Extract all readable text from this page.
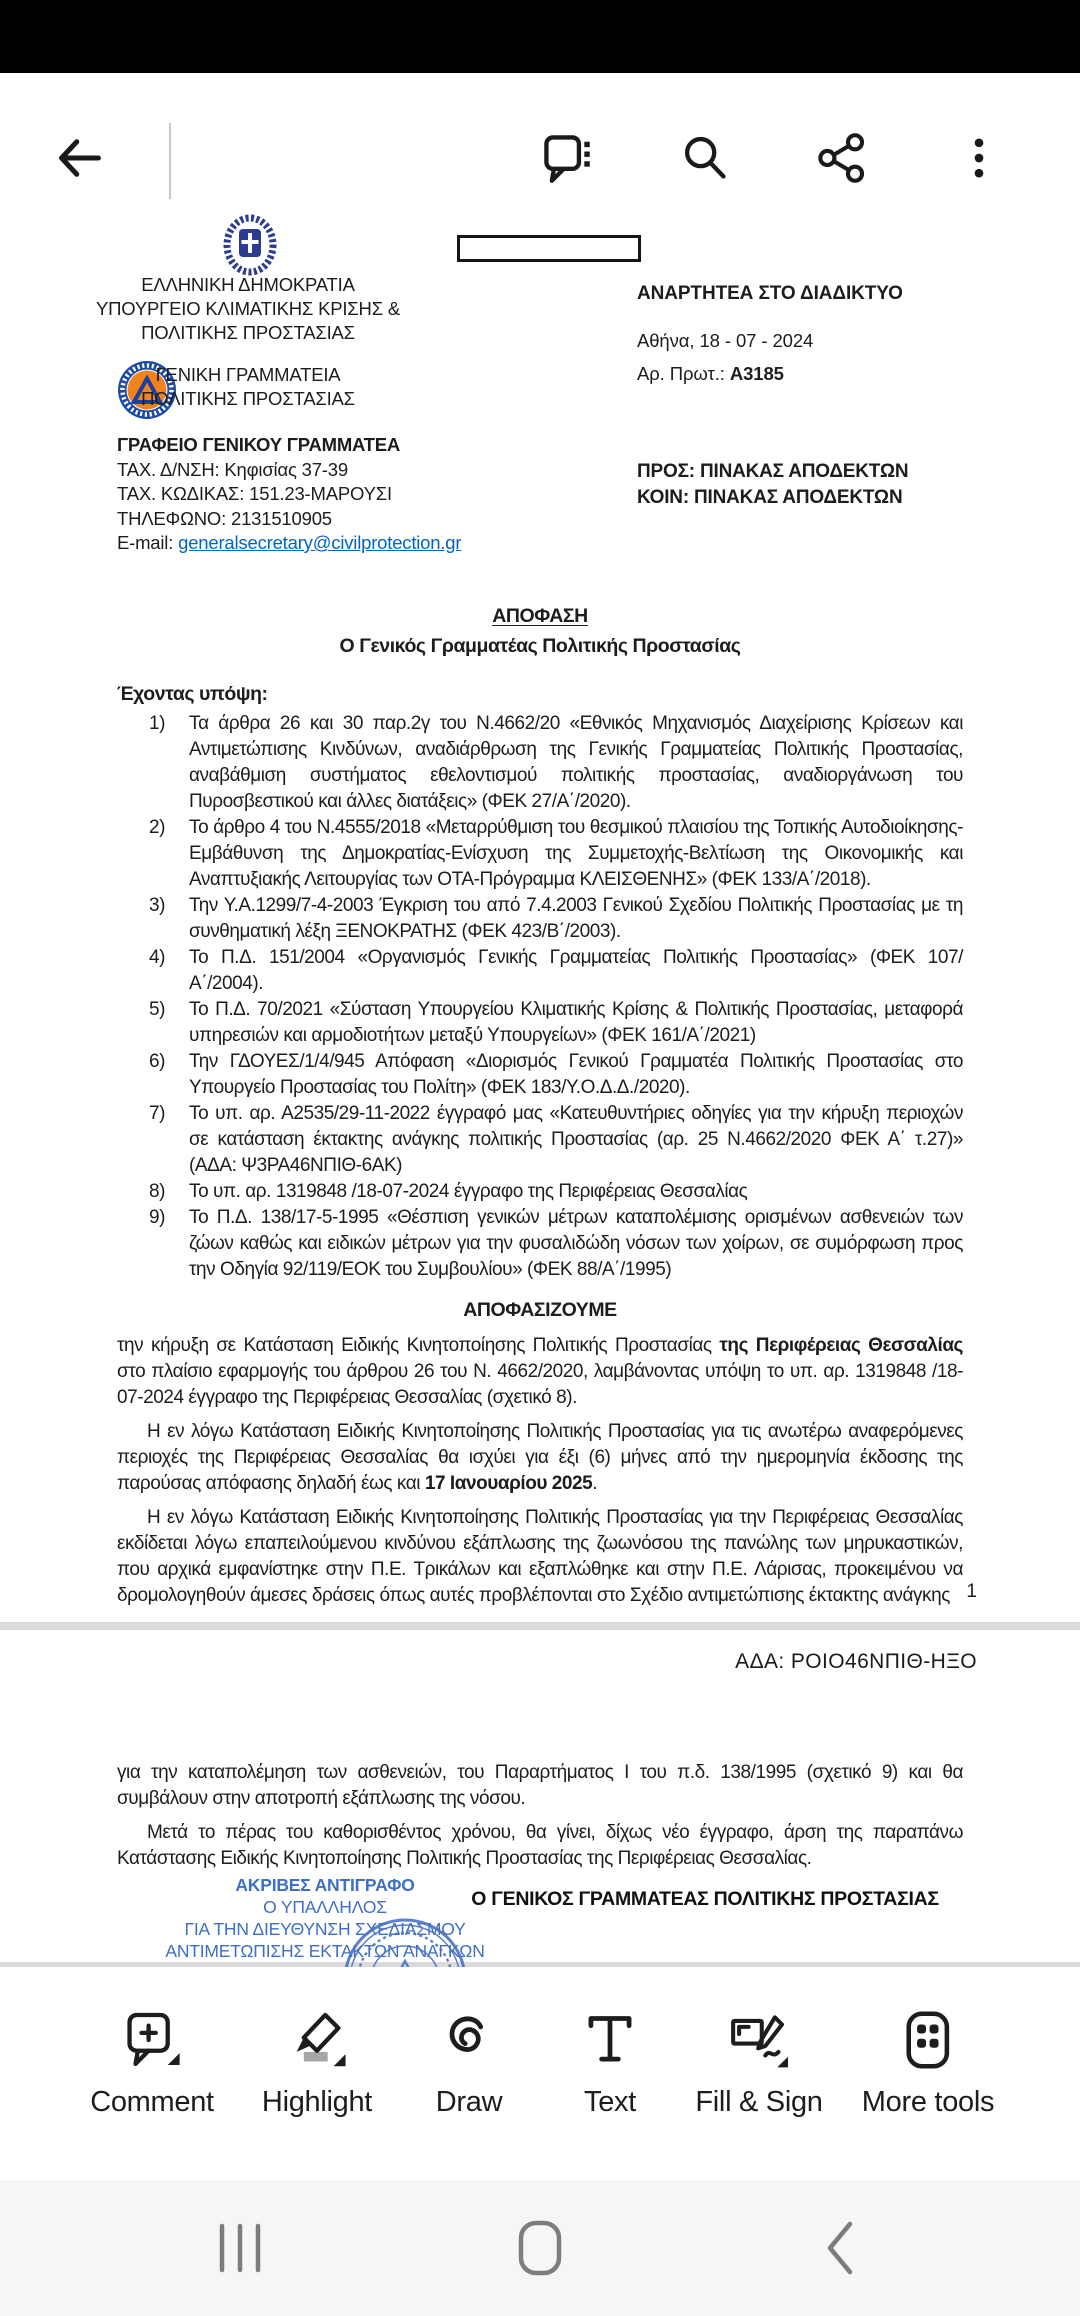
ΕΛΛΗΝΙΚΗ ΔΗΜΟΚΡΑΤΙΑ
ΥΠΟΥΡΓΕΙΟ ΚΛΙΜΑΤΙΚΗΣ ΚΡΙΣΗΣ &
ΠΟΛΙΤΙΚΗΣ ΠΡΟΣΤΑΣΙΑΣ
ΓΕΝΙΚΗ ΓΡΑΜΜΑΤΕΙΑ
ΠΟΛΙΤΙΚΗΣ ΠΡΟΣΤΑΣΙΑΣ
ΓΡΑΦΕΙΟ ΓΕΝΙΚΟΥ ΓΡΑΜΜΑΤΕΑ
ΤΑΧ. Δ/ΝΣΗ: Κηφισίας 37-39
ΤΑΧ. ΚΩΔΙΚΑΣ: 151.23-ΜΑΡΟΥΣΙ
ΤΗΛΕΦΩΝΟ: 2131510905
E-mail: generalsecretary@civilprotection.gr
ΑΝΑΡΤΗΤΕΑ ΣΤΟ ΔΙΑΔΙΚΤΥΟ
Αθήνα, 18 - 07 - 2024
Αρ. Πρωτ.: Α3185
ΠΡΟΣ: ΠΙΝΑΚΑΣ ΑΠΟΔΕΚΤΩΝ
ΚΟΙΝ: ΠΙΝΑΚΑΣ ΑΠΟΔΕΚΤΩΝ
ΑΠΟΦΑΣΗ
Ο Γενικός Γραμματέας Πολιτικής Προστασίας
Έχοντας υπόψη:
Τα άρθρα 26 και 30 παρ.2γ του Ν.4662/20 «Εθνικός Μηχανισμός Διαχείρισης Κρίσεων και Αντιμετώπισης Κινδύνων, αναδιάρθρωση της Γενικής Γραμματείας Πολιτικής Προστασίας, αναβάθμιση συστήματος εθελοντισμού πολιτικής προστασίας, αναδιοργάνωση του Πυροσβεστικού και άλλες διατάξεις» (ΦΕΚ 27/Α΄/2020).
Το άρθρο 4 του Ν.4555/2018 «Μεταρρύθμιση του θεσμικού πλαισίου της Τοπικής Αυτοδιοίκησης-Εμβάθυνση της Δημοκρατίας-Ενίσχυση της Συμμετοχής-Βελτίωση της Οικονομικής και Αναπτυξιακής Λειτουργίας των ΟΤΑ-Πρόγραμμα ΚΛΕΙΣΘΕΝΗΣ» (ΦΕΚ 133/Α΄/2018).
Την Υ.Α.1299/7-4-2003 Έγκριση του από 7.4.2003 Γενικού Σχεδίου Πολιτικής Προστασίας με τη συνθηματική λέξη ΞΕΝΟΚΡΑΤΗΣ (ΦΕΚ 423/Β΄/2003).
Το Π.Δ. 151/2004 «Οργανισμός Γενικής Γραμματείας Πολιτικής Προστασίας» (ΦΕΚ 107/Α΄/2004).
Το Π.Δ. 70/2021 «Σύσταση Υπουργείου Κλιματικής Κρίσης & Πολιτικής Προστασίας, μεταφορά υπηρεσιών και αρμοδιοτήτων μεταξύ Υπουργείων» (ΦΕΚ 161/Α΄/2021)
Την ΓΔΟΥΕΣ/1/4/945 Απόφαση «Διορισμός Γενικού Γραμματέα Πολιτικής Προστασίας στο Υπουργείο Προστασίας του Πολίτη» (ΦΕΚ 183/Υ.Ο.Δ.Δ./2020).
Το υπ. αρ. Α2535/29-11-2022 έγγραφό μας «Κατευθυντήριες οδηγίες για την κήρυξη περιοχών σε κατάσταση έκτακτης ανάγκης πολιτικής Προστασίας (αρ. 25 Ν.4662/2020 ΦΕΚ Α΄ τ.27)» (ΑΔΑ: Ψ3ΡΑ46ΝΠΙΘ-6ΑΚ)
Το υπ. αρ. 1319848 /18-07-2024 έγγραφο της Περιφέρειας Θεσσαλίας
Το Π.Δ. 138/17-5-1995 «Θέσπιση γενικών μέτρων καταπολέμισης ορισμένων ασθενειών των ζώων καθώς και ειδικών μέτρων για την φυσαλιδώδη νόσων των χοίρων, σε συμόρφωση προς την Οδηγία 92/119/ΕΟΚ του Συμβουλίου» (ΦΕΚ 88/Α΄/1995)
ΑΠΟΦΑΣΙΖΟΥΜΕ

την κήρυξη σε Κατάσταση Ειδικής Κινητοποίησης Πολιτικής Προστασίας της Περιφέρειας Θεσσαλίας στο πλαίσιο εφαρμογής του άρθρου 26 του Ν. 4662/2020, λαμβάνοντας υπόψη το υπ. αρ. 1319848 /18-07-2024 έγγραφο της Περιφέρειας Θεσσαλίας (σχετικό 8).

Η εν λόγω Κατάσταση Ειδικής Κινητοποίησης Πολιτικής Προστασίας για τις ανωτέρω αναφερόμενες περιοχές της Περιφέρειας Θεσσαλίας θα ισχύει για έξι (6) μήνες από την ημερομηνία έκδοσης της παρούσας απόφασης δηλαδή έως και 17 Ιανουαρίου 2025.

Η εν λόγω Κατάσταση Ειδικής Κινητοποίησης Πολιτικής Προστασίας για την Περιφέρειας Θεσσαλίας εκδίδεται λόγω επαπειλούμενου κινδύνου εξάπλωσης της ζωωνόσου της πανώλης των μηρυκαστικών, που αρχικά εμφανίστηκε στην Π.Ε. Τρικάλων και εξαπλώθηκε και στην Π.Ε. Λάρισας, προκειμένου να δρομολογηθούν άμεσες δράσεις όπως αυτές προβλέπονται στο Σχέδιο αντιμετώπισης έκτακτης ανάγκης 1
ΑΔΑ: ΡΟΙΟ46ΝΠΙΘ-ΗΞΟ

για την καταπολέμηση των ασθενειών, του Παραρτήματος Ι του π.δ. 138/1995 (σχετικό 9) και θα συμβάλουν στην αποτροπή εξάπλωσης της νόσου.

Μετά το πέρας του καθορισθέντος χρόνου, θα γίνει, δίχως νέο έγγραφο, άρση της παραπάνω Κατάστασης Ειδικής Κινητοποίησης Πολιτικής Προστασίας της Περιφέρειας Θεσσαλίας.

ΑΚΡΙΒΕΣ ΑΝΤΙΓΡΑΦΟ
Ο ΥΠΑΛΛΗΛΟΣ
ΓΙΑ ΤΗΝ ΔΙΕΥΘΥΝΣΗ ΣΧΕΔΙΑΣΜΟΥ
ΑΝΤΙΜΕΤΩΠΙΣΗΣ ΕΚΤΑΚΤΩΝ ΑΝΑΓΚΩΝ
Ο ΓΕΝΙΚΟΣ ΓΡΑΜΜΑΤΕΑΣ ΠΟΛΙΤΙΚΗΣ ΠΡΟΣΤΑΣΙΑΣ
Comment Highlight Draw	Text Fill & Sign More tools
